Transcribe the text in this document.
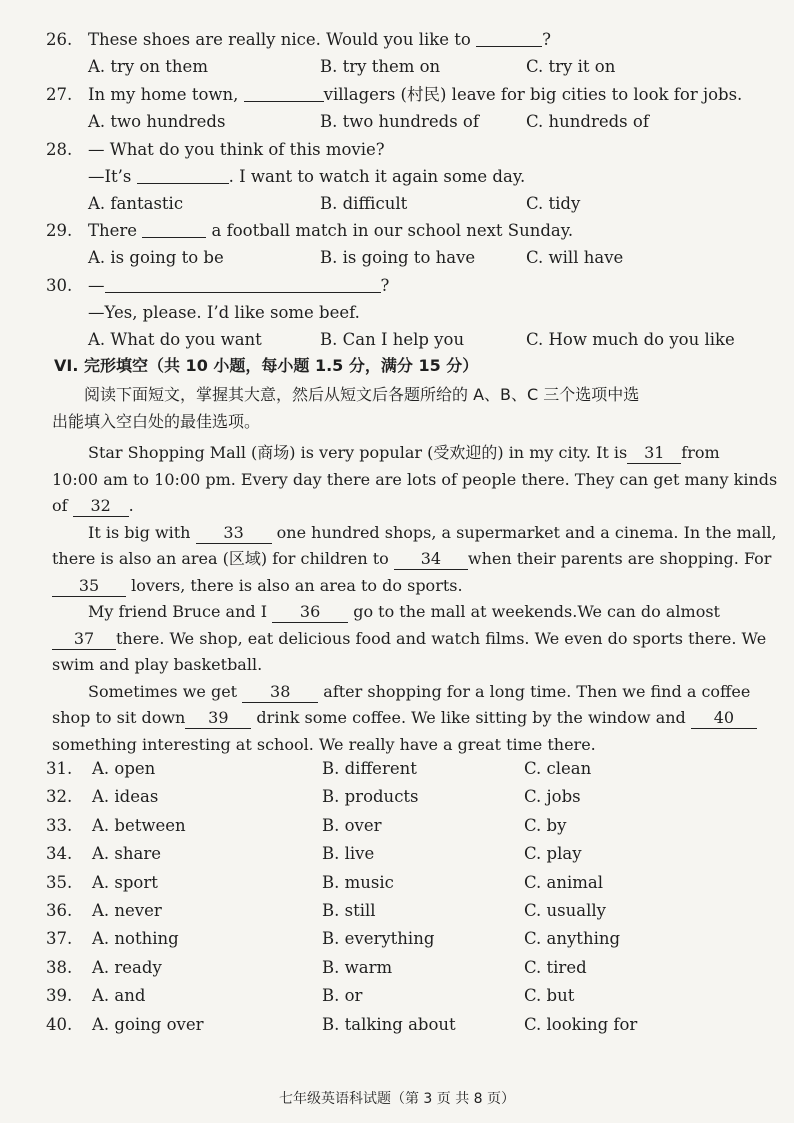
26. These shoes are really nice. Would you like to	?
A. try on them	B. try them on	C. try it on
27. In my home town,	villagers (村民) leave for big cities to look for jobs.
A. two hundreds	B. two hundreds of	C. hundreds of
28. — What do you think of this movie?
—It’s	. I want to watch it again some day.
A. fantastic	B. difficult	C. tidy
29. There	a football match in our school next Sunday.
A. is going to be	B. is going to have	C. will have
30. —	?
—Yes, please. I’d like some beef.
A. What do you want	B. Can I help you	C. How much do you like
VI. 完形填空（共 10 小题，每小题 1.5 分，满分 15 分）
阅读下面短文，掌握其大意，然后从短文后各题所给的 A、B、C 三个选项中选
出能填入空白处的最佳选项。
Star Shopping Mall (商场) is very popular (受欢迎的) in my city. It is 31 from
10:00 am to 10:00 pm. Every day there are lots of people there. They can get many kinds
of 32 .
It is big with 33 one hundred shops, a supermarket and a cinema. In the mall,
there is also an area (区域) for children to 34 when their parents are shopping. For
35 lovers, there is also an area to do sports.
My friend Bruce and I 36 go to the mall at weekends.We can do almost
37 there. We shop, eat delicious food and watch films. We even do sports there. We
swim and play basketball.
Sometimes we get 38 after shopping for a long time. Then we find a coffee
shop to sit down 39 drink some coffee. We like sitting by the window and 40
something interesting at school. We really have a great time there.
31. A. open	B. different	C. clean
32. A. ideas	B. products	C. jobs
33. A. between	B. over	C. by
34. A. share	B. live	C. play
35. A. sport	B. music	C. animal
36. A. never	B. still	C. usually
37. A. nothing	B. everything	C. anything
38. A. ready	B. warm	C. tired
39. A. and	B. or	C. but
40. A. going over	B. talking about	C. looking for
七年级英语科试题（第 3 页 共 8 页）
